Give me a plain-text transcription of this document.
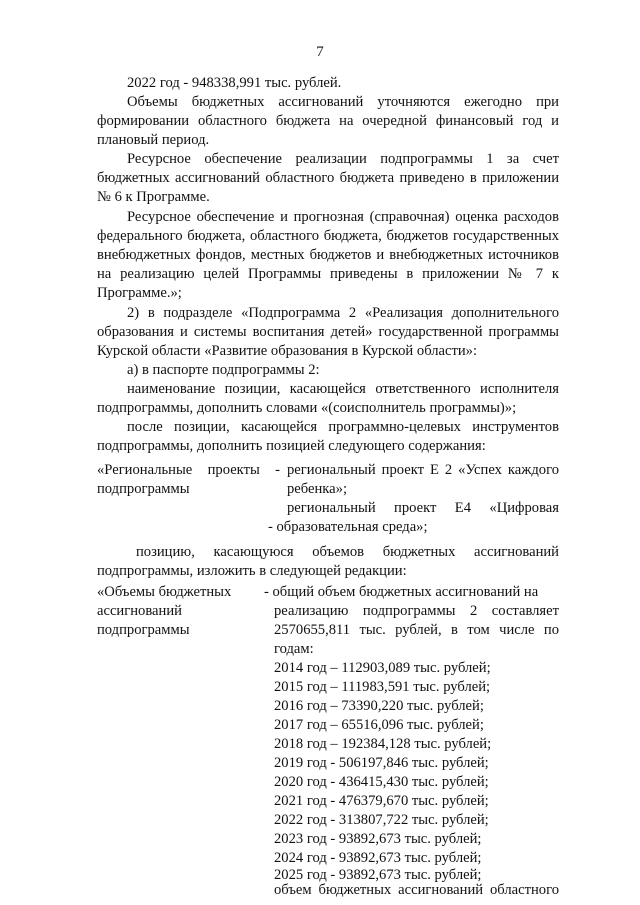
7
2022 год - 948338,991 тыс. рублей.
Объемы бюджетных ассигнований уточняются ежегодно при
формировании областного бюджета на очередной финансовый год и
плановый период.
Ресурсное обеспечение реализации подпрограммы 1 за счет
бюджетных ассигнований областного бюджета приведено в приложении
№ 6 к Программе.
Ресурсное обеспечение и прогнозная (справочная) оценка расходов
федерального бюджета, областного бюджета, бюджетов государственных
внебюджетных фондов, местных бюджетов и внебюджетных источников
на реализацию целей Программы приведены в приложении № 7 к
Программе.»;
2) в подразделе «Подпрограмма 2 «Реализация дополнительного
образования и системы воспитания детей» государственной программы
Курской области «Развитие образования в Курской области»:
а) в паспорте подпрограммы 2:
наименование позиции, касающейся ответственного исполнителя
подпрограммы, дополнить словами «(соисполнитель программы)»;
после позиции, касающейся программно-целевых инструментов
подпрограммы, дополнить позицией следующего содержания:
«Региональные проекты -
подпрограммы
региональный проект Е 2 «Успех каждого
ребенка»;
региональный проект Е4 «Цифровая
- образовательная среда»;
позицию, касающуюся объемов бюджетных ассигнований
подпрограммы, изложить в следующей редакции:
«Объемы бюджетных
ассигнований
подпрограммы
- общий объем бюджетных ассигнований на
реализацию подпрограммы 2 составляет
2570655,811 тыс. рублей, в том числе по
годам:
2014 год – 112903,089 тыс. рублей;
2015 год – 111983,591 тыс. рублей;
2016 год – 73390,220 тыс. рублей;
2017 год – 65516,096 тыс. рублей;
2018 год – 192384,128 тыс. рублей;
2019 год - 506197,846 тыс. рублей;
2020 год - 436415,430 тыс. рублей;
2021 год - 476379,670 тыс. рублей;
2022 год - 313807,722 тыс. рублей;
2023 год - 93892,673 тыс. рублей;
2024 год - 93892,673 тыс. рублей;
2025 год - 93892,673 тыс. рублей;
объем бюджетных ассигнований областного
